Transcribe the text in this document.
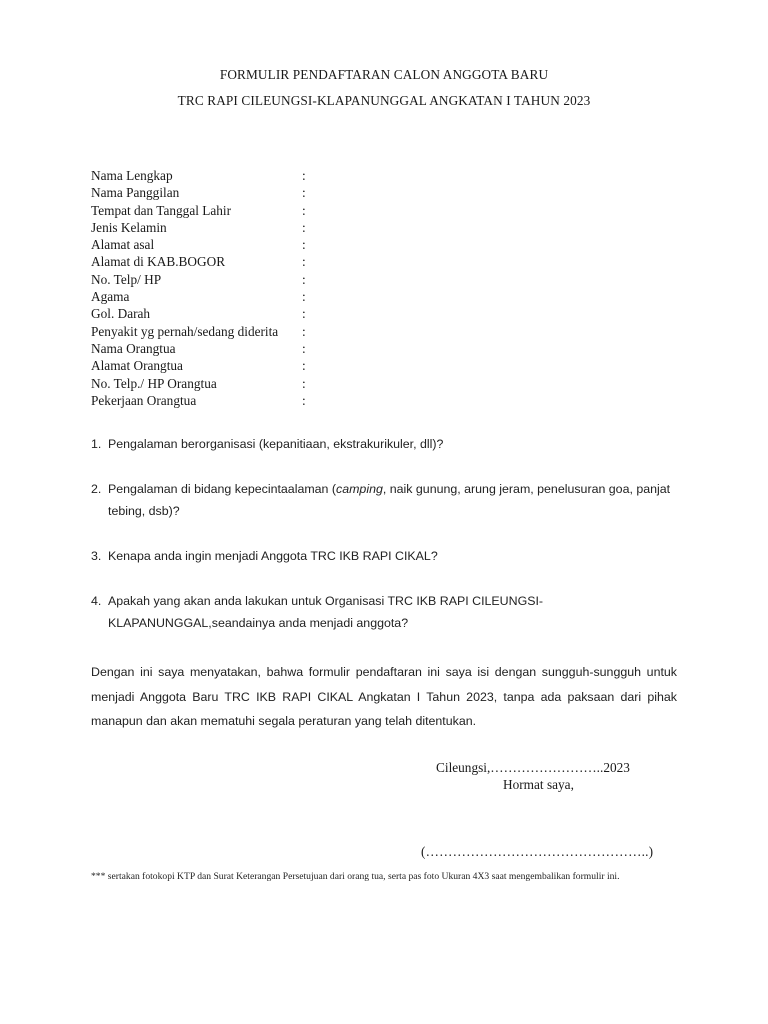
FORMULIR PENDAFTARAN CALON ANGGOTA BARU
TRC RAPI CILEUNGSI-KLAPANUNGGAL ANGKATAN I TAHUN 2023
Nama Lengkap	:
Nama Panggilan	:
Tempat dan Tanggal Lahir	:
Jenis Kelamin	:
Alamat asal	:
Alamat di KAB.BOGOR	:
No. Telp/ HP	:
Agama	:
Gol. Darah	:
Penyakit yg pernah/sedang diderita :
Nama Orangtua	:
Alamat Orangtua	:
No. Telp./ HP Orangtua	:
Pekerjaan Orangtua	:
1. Pengalaman berorganisasi (kepanitiaan, ekstrakurikuler, dll)?
2. Pengalaman di bidang kepecintaalaman (camping, naik gunung, arung jeram, penelusuran goa, panjat tebing, dsb)?
3. Kenapa anda ingin menjadi Anggota TRC IKB RAPI CIKAL?
4. Apakah yang akan anda lakukan untuk Organisasi TRC IKB RAPI CILEUNGSI-KLAPANUNGGAL,seandainya anda menjadi anggota?
Dengan ini saya menyatakan, bahwa formulir pendaftaran ini saya isi dengan sungguh-sungguh untuk menjadi Anggota Baru TRC IKB RAPI CIKAL Angkatan I Tahun 2023, tanpa ada paksaan dari pihak manapun dan akan mematuhi segala peraturan yang telah ditentukan.
Cileungsi,……………………..2023
Hormat saya,
(…………………………………………..)
*** sertakan fotokopi KTP dan Surat Keterangan Persetujuan dari orang tua, serta pas foto Ukuran 4X3 saat mengembalikan formulir ini.
